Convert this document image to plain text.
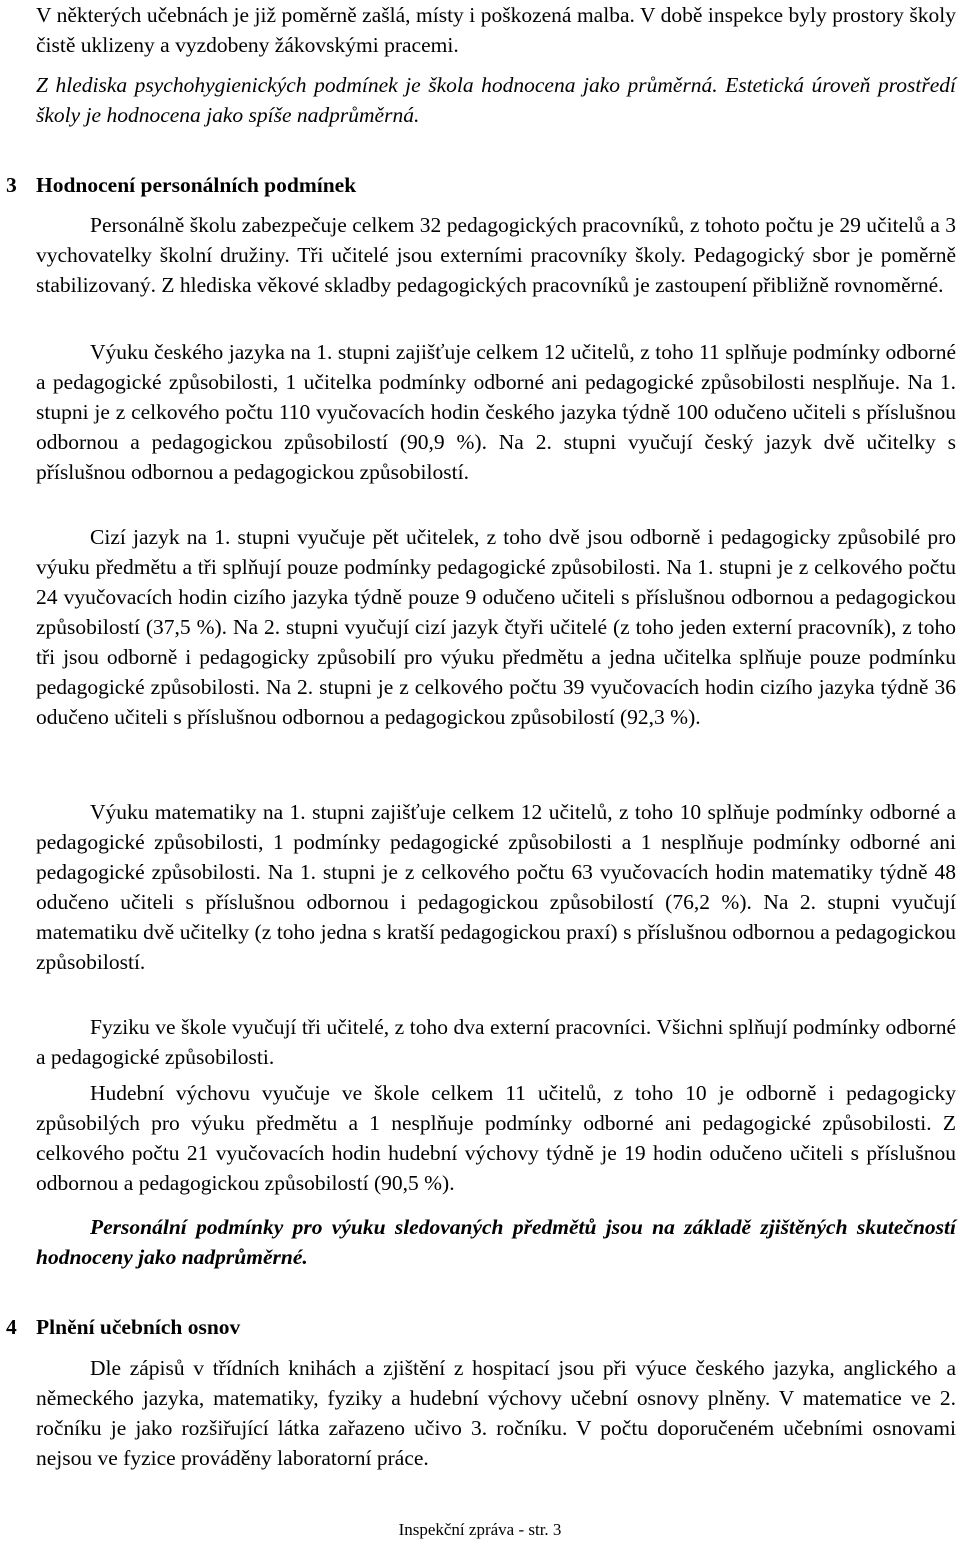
V některých učebnách je již poměrně zašlá, místy i poškozená malba. V době inspekce byly prostory školy čistě uklizeny a vyzdobeny žákovskými pracemi.

Z hlediska psychohygienických podmínek je škola hodnocena jako průměrná. Estetická úroveň prostředí školy je hodnocena jako spíše nadprůměrná.

3 Hodnocení personálních podmínek

Personálně školu zabezpečuje celkem 32 pedagogických pracovníků, z tohoto počtu je 29 učitelů a 3 vychovatelky školní družiny. Tři učitelé jsou externími pracovníky školy. Pedagogický sbor je poměrně stabilizovaný. Z hlediska věkové skladby pedagogických pracovníků je zastoupení přibližně rovnoměrné.

Výuku českého jazyka na 1. stupni zajišťuje celkem 12 učitelů, z toho 11 splňuje podmínky odborné a pedagogické způsobilosti, 1 učitelka podmínky odborné ani pedagogické způsobilosti nesplňuje. Na 1. stupni je z celkového počtu 110 vyučovacích hodin českého jazyka týdně 100 odučeno učiteli s příslušnou odbornou a pedagogickou způsobilostí (90,9 %). Na 2. stupni vyučují český jazyk dvě učitelky s příslušnou odbornou a pedagogickou způsobilostí.

Cizí jazyk na 1. stupni vyučuje pět učitelek, z toho dvě jsou odborně i pedagogicky způsobilé pro výuku předmětu a tři splňují pouze podmínky pedagogické způsobilosti. Na 1. stupni je z celkového počtu 24 vyučovacích hodin cizího jazyka týdně pouze 9 odučeno učiteli s příslušnou odbornou a pedagogickou způsobilostí (37,5 %). Na 2. stupni vyučují cizí jazyk čtyři učitelé (z toho jeden externí pracovník), z toho tři jsou odborně i pedagogicky způsobilí pro výuku předmětu a jedna učitelka splňuje pouze podmínku pedagogické způsobilosti. Na 2. stupni je z celkového počtu 39 vyučovacích hodin cizího jazyka týdně 36 odučeno učiteli s příslušnou odbornou a pedagogickou způsobilostí (92,3 %).

Výuku matematiky na 1. stupni zajišťuje celkem 12 učitelů, z toho 10 splňuje podmínky odborné a pedagogické způsobilosti, 1 podmínky pedagogické způsobilosti a 1 nesplňuje podmínky odborné ani pedagogické způsobilosti. Na 1. stupni je z celkového počtu 63 vyučovacích hodin matematiky týdně 48 odučeno učiteli s příslušnou odbornou i pedagogickou způsobilostí (76,2 %). Na 2. stupni vyučují matematiku dvě učitelky (z toho jedna s kratší pedagogickou praxí) s příslušnou odbornou a pedagogickou způsobilostí.

Fyziku ve škole vyučují tři učitelé, z toho dva externí pracovníci. Všichni splňují podmínky odborné a pedagogické způsobilosti.

Hudební výchovu vyučuje ve škole celkem 11 učitelů, z toho 10 je odborně i pedagogicky způsobilých pro výuku předmětu a 1 nesplňuje podmínky odborné ani pedagogické způsobilosti. Z celkového počtu 21 vyučovacích hodin hudební výchovy týdně je 19 hodin odučeno učiteli s příslušnou odbornou a pedagogickou způsobilostí (90,5 %).

Personální podmínky pro výuku sledovaných předmětů jsou na základě zjištěných skutečností hodnoceny jako nadprůměrné.

4 Plnění učebních osnov

Dle zápisů v třídních knihách a zjištění z hospitací jsou při výuce českého jazyka, anglického a německého jazyka, matematiky, fyziky a hudební výchovy učební osnovy plněny. V matematice ve 2. ročníku je jako rozšiřující látka zařazeno učivo 3. ročníku. V počtu doporučeném učebními osnovami nejsou ve fyzice prováděny laboratorní práce.

Inspekční zpráva - str. 3
